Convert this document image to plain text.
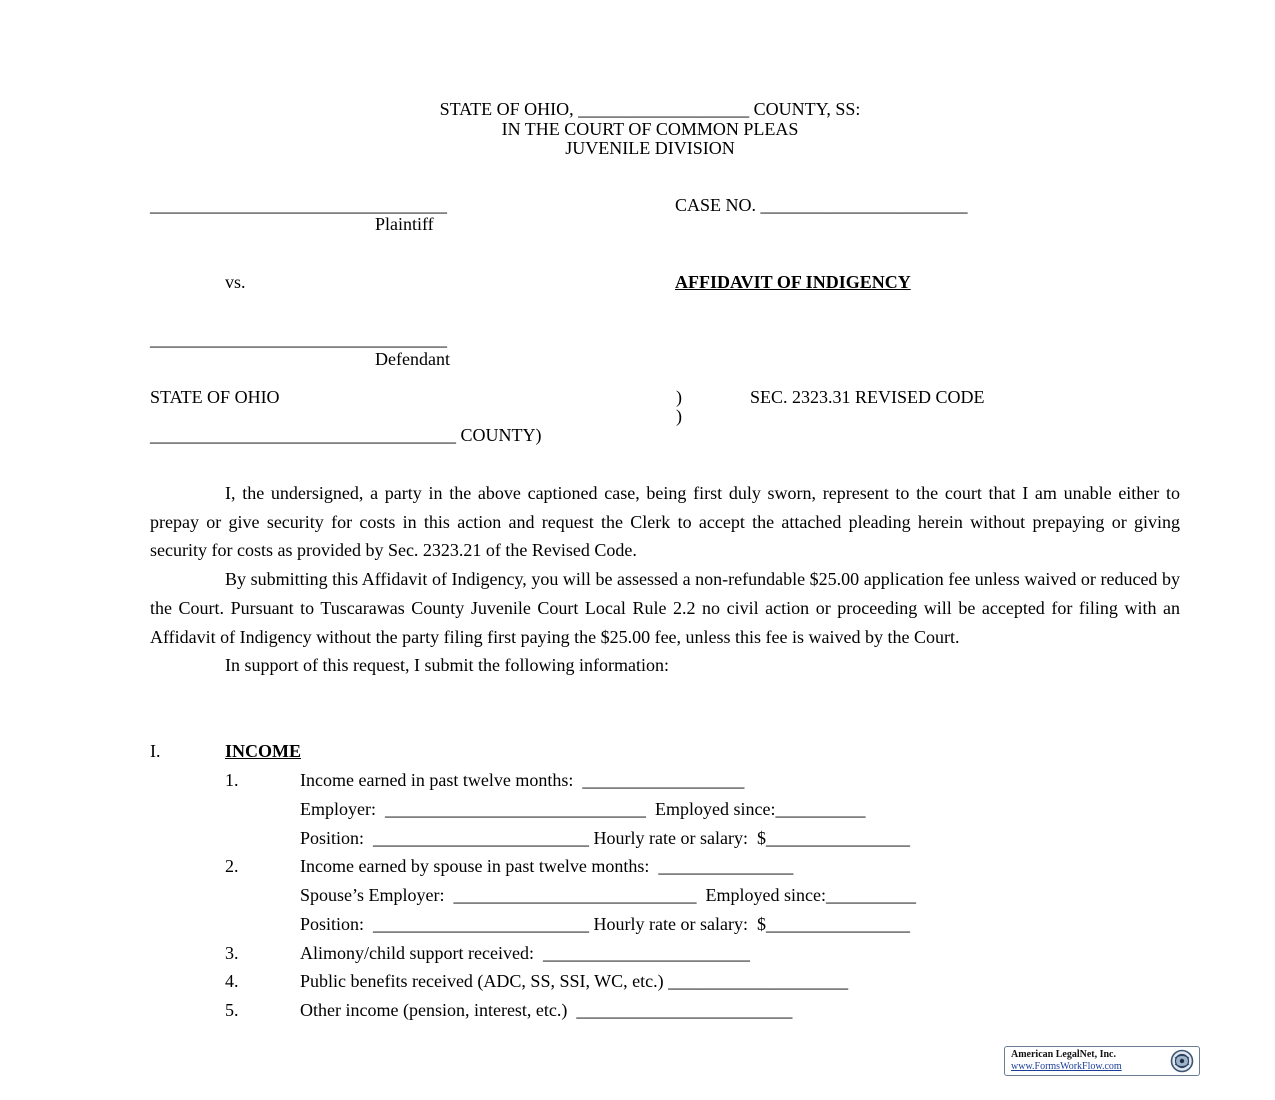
STATE OF OHIO, ___________________ COUNTY, SS:
IN THE COURT OF COMMON PLEAS
JUVENILE DIVISION
_________________________________
Plaintiff
CASE NO. _______________________
vs.	AFFIDAVIT OF INDIGENCY
_________________________________
Defendant
STATE OF OHIO	)	SEC. 2323.31 REVISED CODE
)
__________________________________ COUNTY)

I, the undersigned, a party in the above captioned case, being first duly sworn, represent to the court that I am unable either to prepay or give security for costs in this action and request the Clerk to accept the attached pleading herein without prepaying or giving security for costs as provided by Sec. 2323.21 of the Revised Code.

By submitting this Affidavit of Indigency, you will be assessed a non-refundable $25.00 application fee unless waived or reduced by the Court. Pursuant to Tuscarawas County Juvenile Court Local Rule 2.2 no civil action or proceeding will be accepted for filing with an Affidavit of Indigency without the party filing first paying the $25.00 fee, unless this fee is waived by the Court.

In support of this request, I submit the following information:

I.	INCOME
1.	Income earned in past twelve months:  __________________
Employer:  _____________________________  Employed since:__________
Position:  ________________________ Hourly rate or salary:  $________________
2.	Income earned by spouse in past twelve months:  _______________
Spouse’s Employer:  ___________________________  Employed since:__________
Position:  ________________________ Hourly rate or salary:  $________________
3.	Alimony/child support received:  _______________________
4.	Public benefits received (ADC, SS, SSI, WC, etc.) ____________________
5.	Other income (pension, interest, etc.)  ________________________
American LegalNet, Inc.
www.FormsWorkFlow.com
